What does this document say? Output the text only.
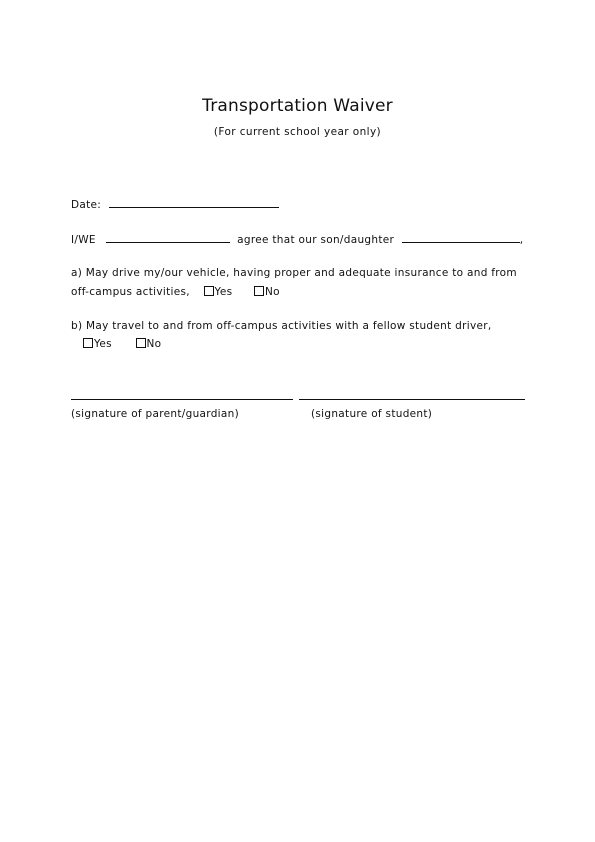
Transportation Waiver
(For current school year only)
Date:
I/WE	agree that our son/daughter	,
a) May drive my/our vehicle, having proper and adequate insurance to and from
off-campus activities, Yes	No
b) May travel to and from off-campus activities with a fellow student driver,
Yes	No
(signature of parent/guardian)	(signature of student)
